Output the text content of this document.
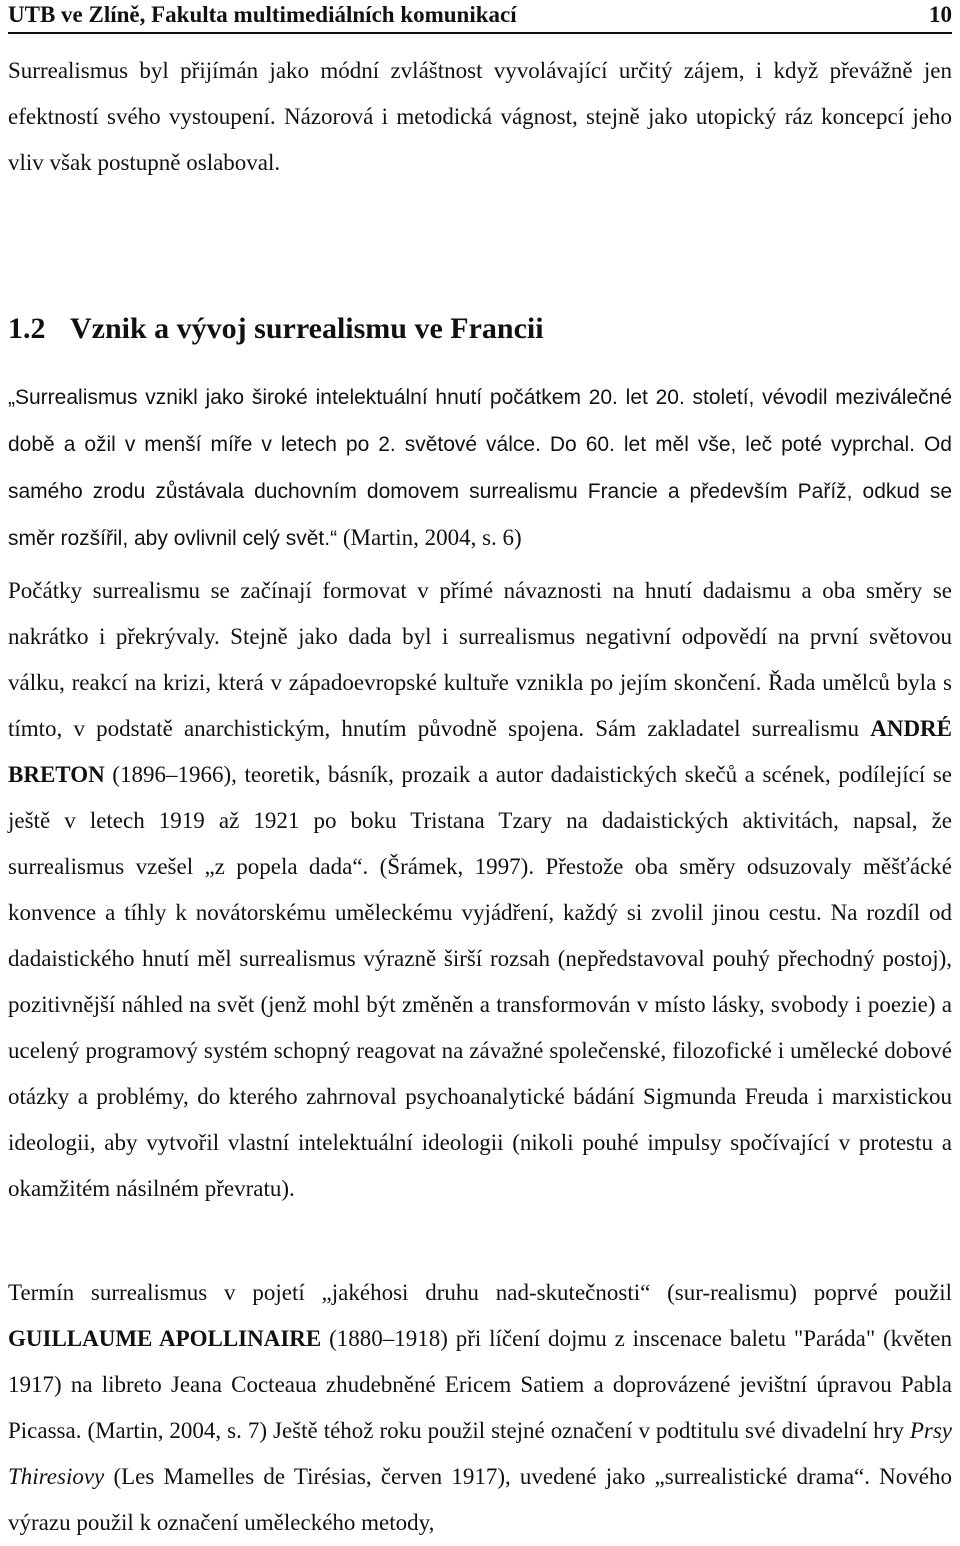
UTB ve Zlíně, Fakulta multimediálních komunikací	10

Surrealismus byl přijímán jako módní zvláštnost vyvolávající určitý zájem, i když převážně jen efektností svého vystoupení. Názorová i metodická vágnost, stejně jako utopický ráz koncepcí jeho vliv však postupně oslaboval.

1.2 Vznik a vývoj surrealismu ve Francii

„Surrealismus vznikl jako široké intelektuální hnutí počátkem 20. let 20. století, vévodil meziválečné době a ožil v menší míře v letech po 2. světové válce. Do 60. let měl vše, leč poté vyprchal. Od samého zrodu zůstávala duchovním domovem surrealismu Francie a především Paříž, odkud se směr rozšířil, aby ovlivnil celý svět.“ (Martin, 2004, s. 6)

Počátky surrealismu se začínají formovat v přímé návaznosti na hnutí dadaismu a oba směry se nakrátko i překrývaly. Stejně jako dada byl i surrealismus negativní odpovědí na první světovou válku, reakcí na krizi, která v západoevropské kultuře vznikla po jejím skončení. Řada umělců byla s tímto, v podstatě anarchistickým, hnutím původně spojena. Sám zakladatel surrealismu ANDRÉ BRETON (1896–1966), teoretik, básník, prozaik a autor dadaistických skečů a scének, podílející se ještě v letech 1919 až 1921 po boku Tristana Tzary na dadaistických aktivitách, napsal, že surrealismus vzešel „z popela dada“. (Šrámek, 1997). Přestože oba směry odsuzovaly měšťácké konvence a tíhly k novátorskému uměleckému vyjádření, každý si zvolil jinou cestu. Na rozdíl od dadaistického hnutí měl surrealismus výrazně širší rozsah (nepředstavoval pouhý přechodný postoj), pozitivnější náhled na svět (jenž mohl být změněn a transformován v místo lásky, svobody i poezie) a ucelený programový systém schopný reagovat na závažné společenské, filozofické i umělecké dobové otázky a problémy, do kterého zahrnoval psychoanalytické bádání Sigmunda Freuda i marxistickou ideologii, aby vytvořil vlastní intelektuální ideologii (nikoli pouhé impulsy spočívající v protestu a okamžitém násilném převratu).

Termín surrealismus v pojetí „jakéhosi druhu nad-skutečnosti“ (sur-realismu) poprvé použil GUILLAUME APOLLINAIRE (1880–1918) při líčení dojmu z inscenace baletu "Paráda" (květen 1917) na libreto Jeana Cocteaua zhudebněné Ericem Satiem a doprovázené jevištní úpravou Pabla Picassa. (Martin, 2004, s. 7) Ještě téhož roku použil stejné označení v podtitulu své divadelní hry Prsy Thiresiovy (Les Mamelles de Tirésias, červen 1917), uvedené jako „surrealistické drama“. Nového výrazu použil k označení uměleckého metody,
